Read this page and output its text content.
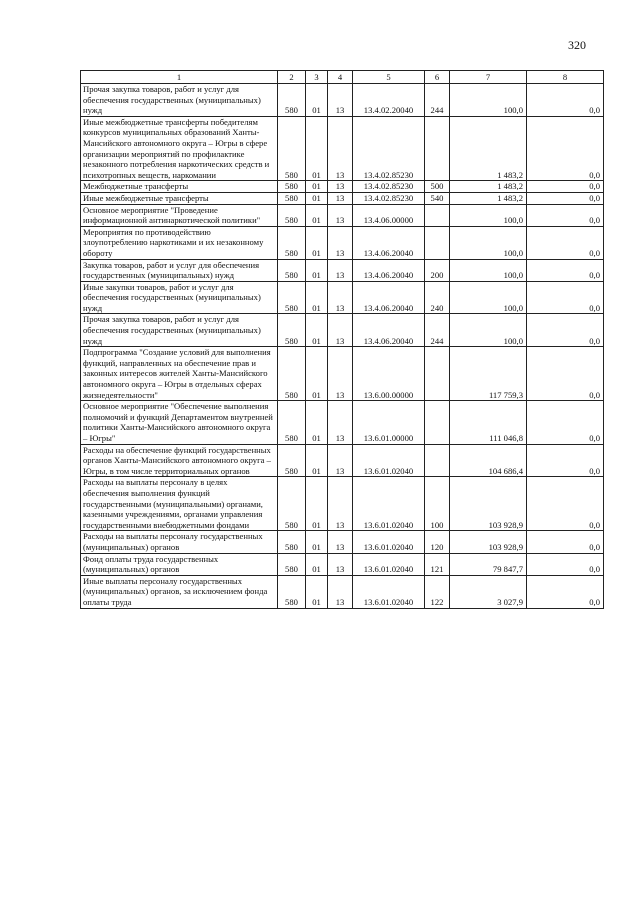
320
1	2	3	4	5	6	7	8
Прочая закупка товаров, работ и услуг для обеспечения государственных (муниципальных) нужд	580	01	13	13.4.02.20040	244	100,0	0,0
Иные межбюджетные трансферты победителям конкурсов муниципальных образований Ханты-Мансийского автономного округа – Югры в сфере организации мероприятий по профилактике незаконного потребления наркотических средств и психотропных веществ, наркомании	580	01	13	13.4.02.85230		1 483,2	0,0
Межбюджетные трансферты	580	01	13	13.4.02.85230	500	1 483,2	0,0
Иные межбюджетные трансферты	580	01	13	13.4.02.85230	540	1 483,2	0,0
Основное мероприятие "Проведение информационной антинаркотической политики"	580	01	13	13.4.06.00000		100,0	0,0
Мероприятия по противодействию злоупотреблению наркотиками и их незаконному обороту	580	01	13	13.4.06.20040		100,0	0,0
Закупка товаров, работ и услуг для обеспечения государственных (муниципальных) нужд	580	01	13	13.4.06.20040	200	100,0	0,0
Иные закупки товаров, работ и услуг для обеспечения государственных (муниципальных) нужд	580	01	13	13.4.06.20040	240	100,0	0,0
Прочая закупка товаров, работ и услуг для обеспечения государственных (муниципальных) нужд	580	01	13	13.4.06.20040	244	100,0	0,0
Подпрограмма "Создание условий для выполнения функций, направленных на обеспечение прав и законных интересов жителей Ханты-Мансийского автономного округа – Югры в отдельных сферах жизнедеятельности"	580	01	13	13.6.00.00000		117 759,3	0,0
Основное мероприятие "Обеспечение выполнения полномочий и функций Департаментом внутренней политики Ханты-Мансийского автономного округа – Югры"	580	01	13	13.6.01.00000		111 046,8	0,0
Расходы на обеспечение функций государственных органов Ханты-Мансийского автономного округа – Югры, в том числе территориальных органов	580	01	13	13.6.01.02040		104 686,4	0,0
Расходы на выплаты персоналу в целях обеспечения выполнения функций государственными (муниципальными) органами, казенными учреждениями, органами управления государственными внебюджетными фондами	580	01	13	13.6.01.02040	100	103 928,9	0,0
Расходы на выплаты персоналу государственных (муниципальных) органов	580	01	13	13.6.01.02040	120	103 928,9	0,0
Фонд оплаты труда государственных (муниципальных) органов	580	01	13	13.6.01.02040	121	79 847,7	0,0
Иные выплаты персоналу государственных (муниципальных) органов, за исключением фонда оплаты труда	580	01	13	13.6.01.02040	122	3 027,9	0,0
